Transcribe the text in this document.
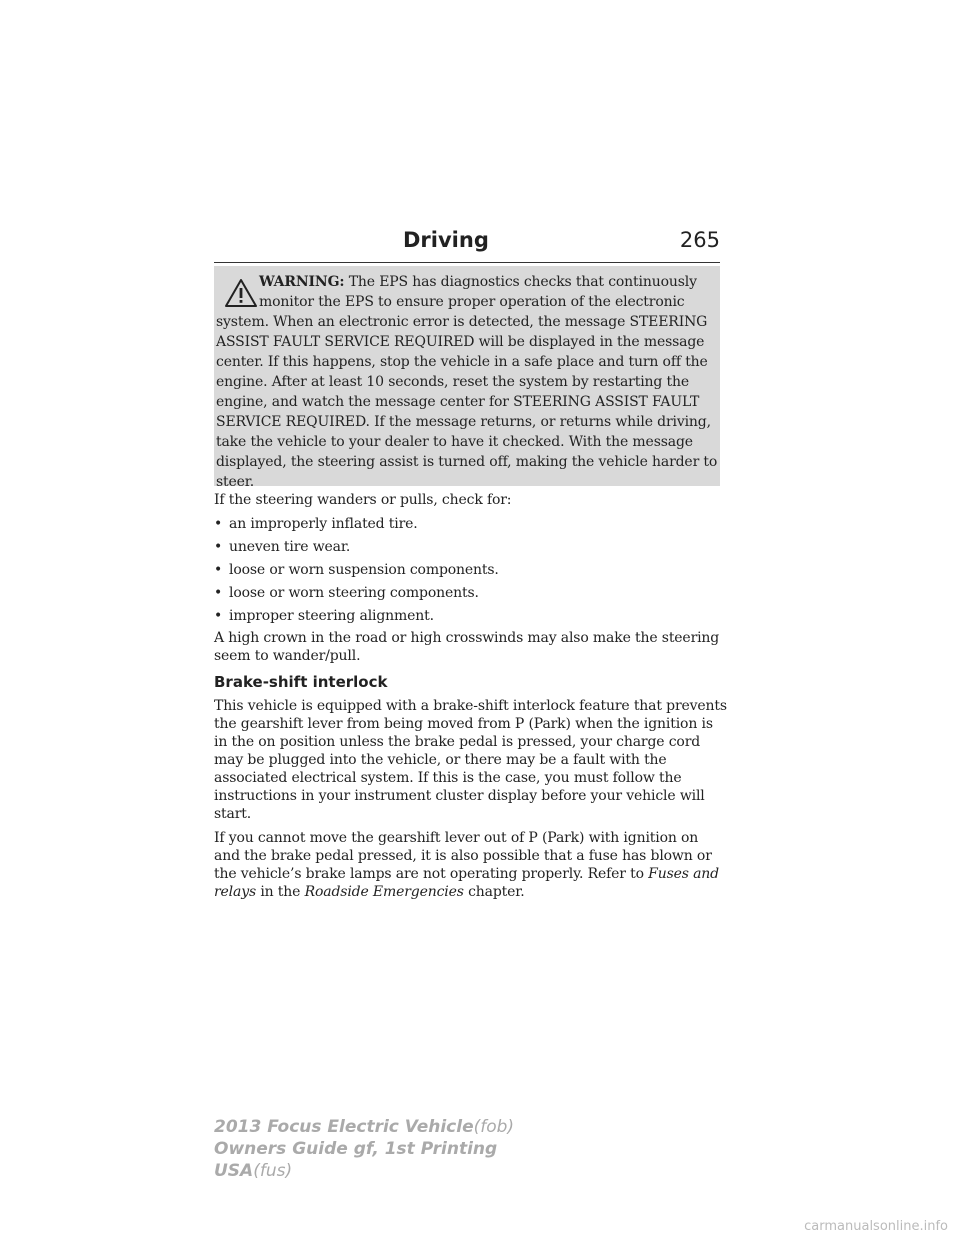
Driving	265
WARNING: The EPS has diagnostics checks that continuously
monitor the EPS to ensure proper operation of the electronic
system. When an electronic error is detected, the message STEERING
ASSIST FAULT SERVICE REQUIRED will be displayed in the message
center. If this happens, stop the vehicle in a safe place and turn off the
engine. After at least 10 seconds, reset the system by restarting the
engine, and watch the message center for STEERING ASSIST FAULT
SERVICE REQUIRED. If the message returns, or returns while driving,
take the vehicle to your dealer to have it checked. With the message
displayed, the steering assist is turned off, making the vehicle harder to
steer.
If the steering wanders or pulls, check for:
• an improperly inflated tire.
• uneven tire wear.
• loose or worn suspension components.
• loose or worn steering components.
• improper steering alignment.
A high crown in the road or high crosswinds may also make the steering
seem to wander/pull.
Brake-shift interlock
This vehicle is equipped with a brake-shift interlock feature that prevents
the gearshift lever from being moved from P (Park) when the ignition is
in the on position unless the brake pedal is pressed, your charge cord
may be plugged into the vehicle, or there may be a fault with the
associated electrical system. If this is the case, you must follow the
instructions in your instrument cluster display before your vehicle will
start.
If you cannot move the gearshift lever out of P (Park) with ignition on
and the brake pedal pressed, it is also possible that a fuse has blown or
the vehicle’s brake lamps are not operating properly. Refer to Fuses and
relays in the Roadside Emergencies chapter.
2013 Focus Electric Vehicle(fob)
Owners Guide gf, 1st Printing
USA(fus)
carmanualsonline.info
